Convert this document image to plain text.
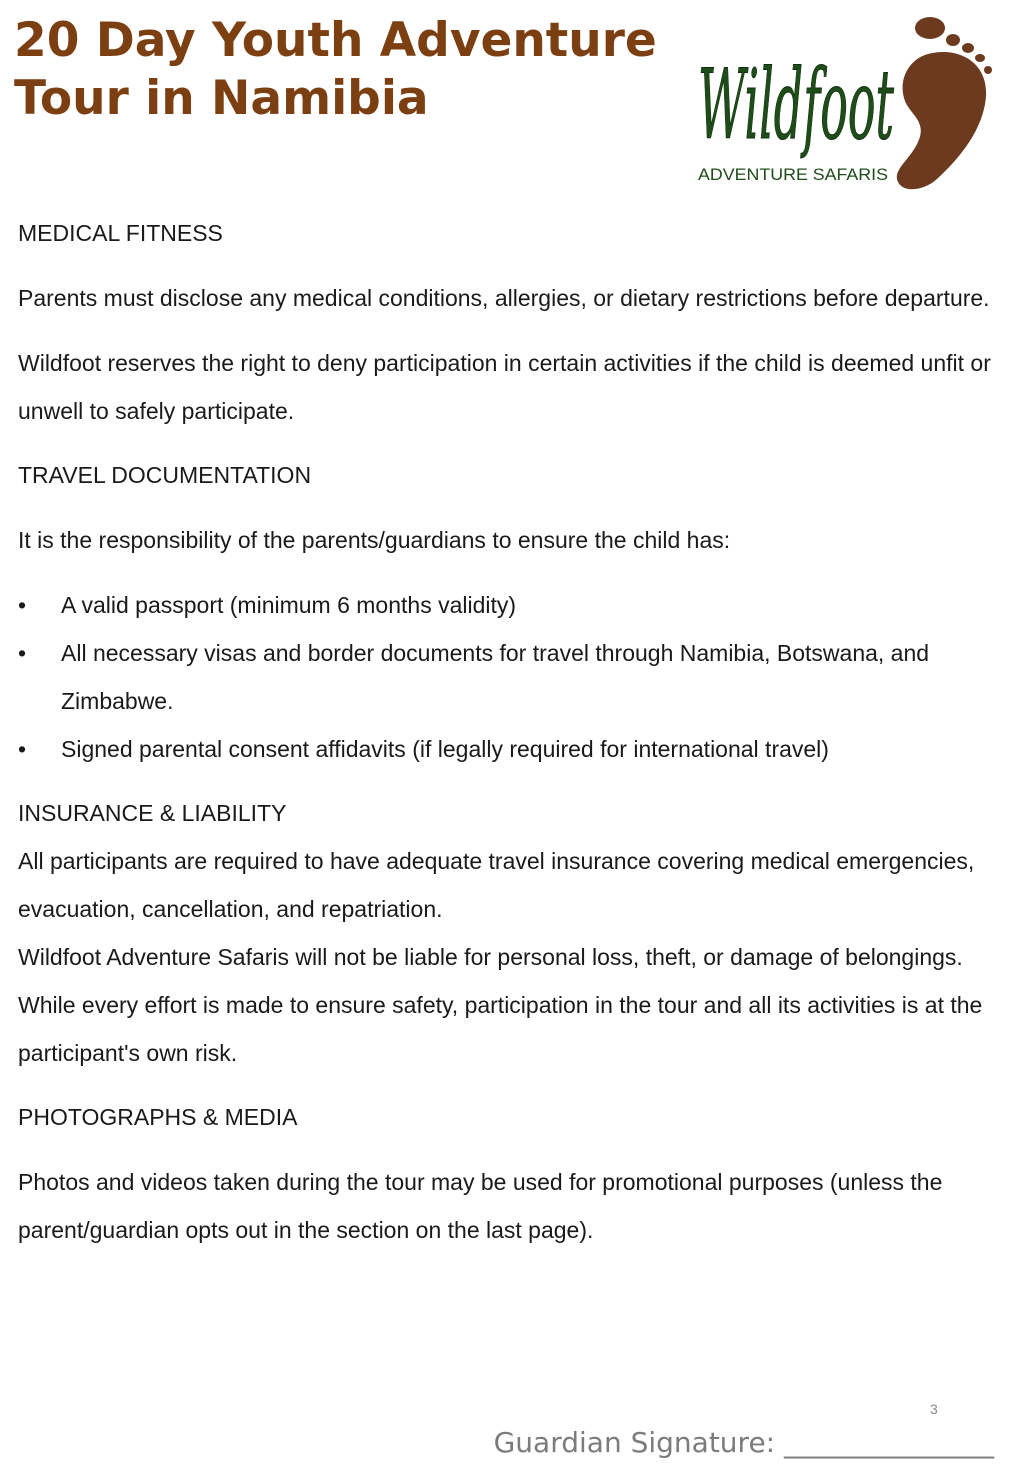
20 Day Youth Adventure
Tour in Namibia	Wildfoot
ADVENTURE SAFARIS

MEDICAL FITNESS

Parents must disclose any medical conditions, allergies, or dietary restrictions before departure.

Wildfoot reserves the right to deny participation in certain activities if the child is deemed unfit or unwell to safely participate.

TRAVEL DOCUMENTATION

It is the responsibility of the parents/guardians to ensure the child has:

• A valid passport (minimum 6 months validity)
• All necessary visas and border documents for travel through Namibia, Botswana, and Zimbabwe.
• Signed parental consent affidavits (if legally required for international travel)

INSURANCE & LIABILITY

All participants are required to have adequate travel insurance covering medical emergencies, evacuation, cancellation, and repatriation.

Wildfoot Adventure Safaris will not be liable for personal loss, theft, or damage of belongings.

While every effort is made to ensure safety, participation in the tour and all its activities is at the participant's own risk.

PHOTOGRAPHS & MEDIA

Photos and videos taken during the tour may be used for promotional purposes (unless the parent/guardian opts out in the section on the last page).

3
Guardian Signature: _______________
